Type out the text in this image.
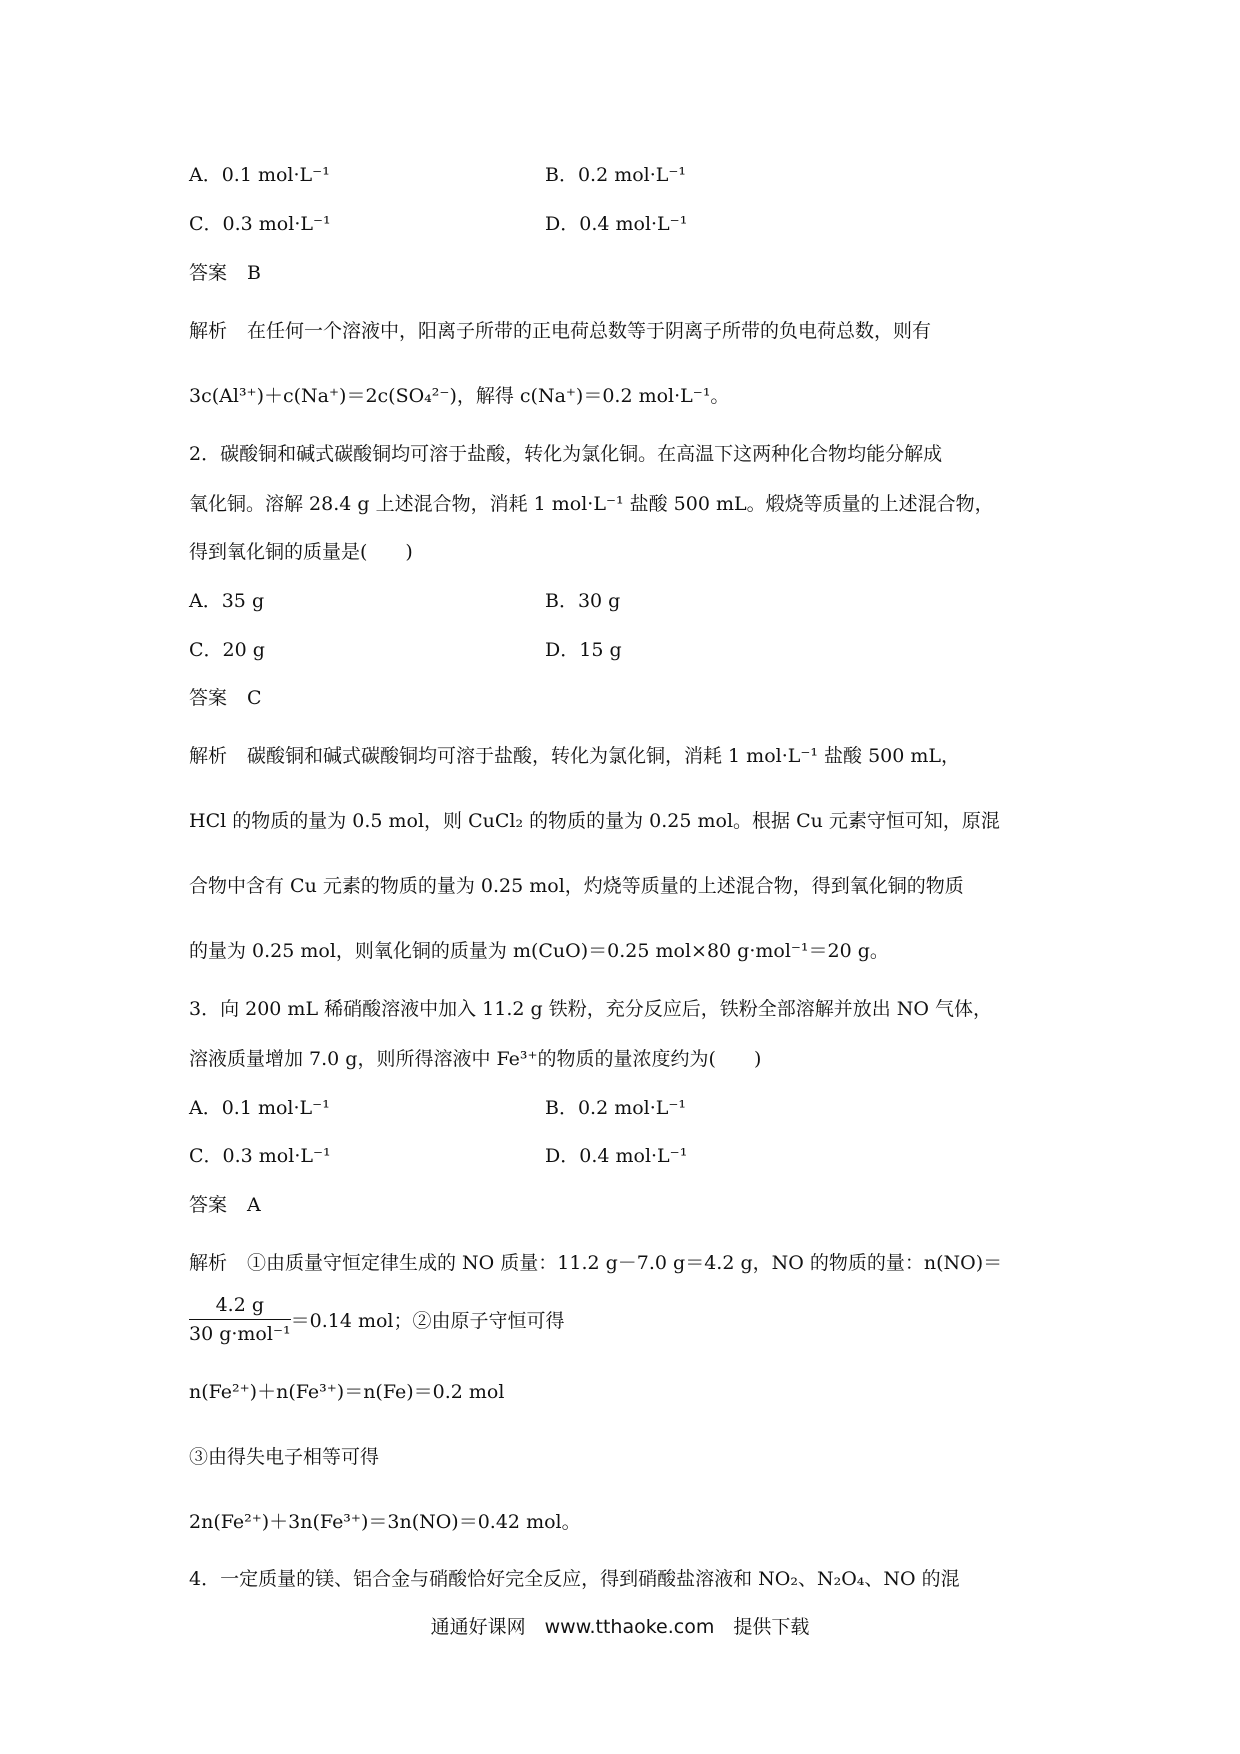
A．0.1 mol·L⁻¹	B．0.2 mol·L⁻¹
C．0.3 mol·L⁻¹	D．0.4 mol·L⁻¹
答案 B
解析 在任何一个溶液中，阳离子所带的正电荷总数等于阴离子所带的负电荷总数，则有
3c(Al³⁺)＋c(Na⁺)＝2c(SO₄²⁻)，解得 c(Na⁺)＝0.2 mol·L⁻¹。
2．碳酸铜和碱式碳酸铜均可溶于盐酸，转化为氯化铜。在高温下这两种化合物均能分解成
氧化铜。溶解 28.4 g 上述混合物，消耗 1 mol·L⁻¹ 盐酸 500 mL。煅烧等质量的上述混合物，
得到氧化铜的质量是(　　)
A．35 g	B．30 g
C．20 g	D．15 g
答案 C
解析 碳酸铜和碱式碳酸铜均可溶于盐酸，转化为氯化铜，消耗 1 mol·L⁻¹ 盐酸 500 mL，
HCl 的物质的量为 0.5 mol，则 CuCl₂ 的物质的量为 0.25 mol。根据 Cu 元素守恒可知，原混
合物中含有 Cu 元素的物质的量为 0.25 mol，灼烧等质量的上述混合物，得到氧化铜的物质
的量为 0.25 mol，则氧化铜的质量为 m(CuO)＝0.25 mol×80 g·mol⁻¹＝20 g。
3．向 200 mL 稀硝酸溶液中加入 11.2 g 铁粉，充分反应后，铁粉全部溶解并放出 NO 气体，
溶液质量增加 7.0 g，则所得溶液中 Fe³⁺的物质的量浓度约为(　　)
A．0.1 mol·L⁻¹	B．0.2 mol·L⁻¹
C．0.3 mol·L⁻¹	D．0.4 mol·L⁻¹
答案 A
解析 ①由质量守恒定律生成的 NO 质量：11.2 g－7.0 g＝4.2 g，NO 的物质的量：n(NO)＝
$\frac{4.2 g}{\text{30 g·mol⁻¹}} =0.14$ mol；②由原子守恒可得
n(Fe²⁺)＋n(Fe³⁺)＝n(Fe)＝0.2 mol
③由得失电子相等可得
2n(Fe²⁺)＋3n(Fe³⁺)＝3n(NO)＝0.42 mol。
4．一定质量的镁、铝合金与硝酸恰好完全反应，得到硝酸盐溶液和 NO₂、N₂O₄、NO 的混
通通好课网　www.tthaoke.com　提供下载
